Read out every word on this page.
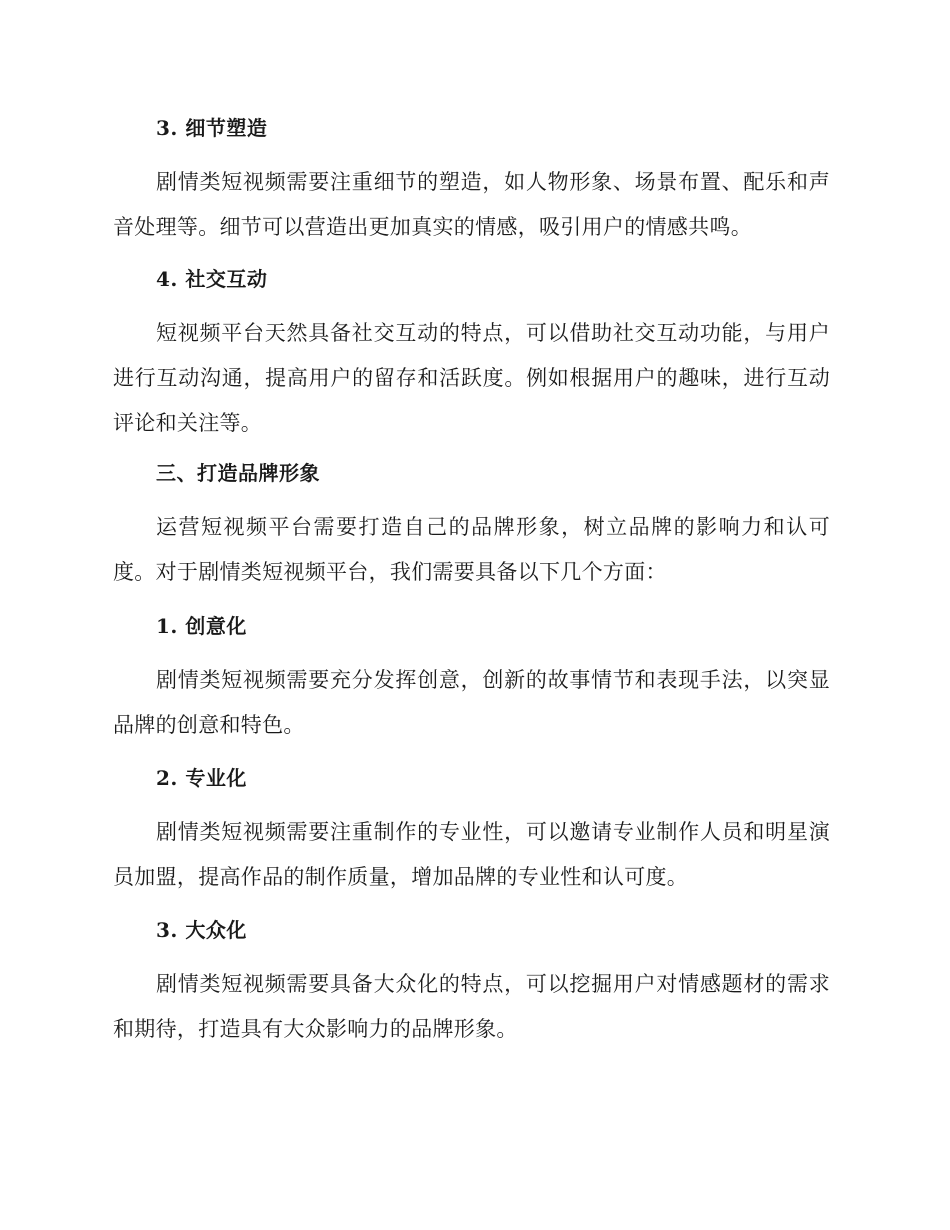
3. 细节塑造

剧情类短视频需要注重细节的塑造，如人物形象、场景布置、配乐和声音处理等。细节可以营造出更加真实的情感，吸引用户的情感共鸣。

4. 社交互动

短视频平台天然具备社交互动的特点，可以借助社交互动功能，与用户进行互动沟通，提高用户的留存和活跃度。例如根据用户的趣味，进行互动评论和关注等。

三、打造品牌形象

运营短视频平台需要打造自己的品牌形象，树立品牌的影响力和认可度。对于剧情类短视频平台，我们需要具备以下几个方面：

1. 创意化

剧情类短视频需要充分发挥创意，创新的故事情节和表现手法，以突显品牌的创意和特色。

2. 专业化

剧情类短视频需要注重制作的专业性，可以邀请专业制作人员和明星演员加盟，提高作品的制作质量，增加品牌的专业性和认可度。

3. 大众化

剧情类短视频需要具备大众化的特点，可以挖掘用户对情感题材的需求和期待，打造具有大众影响力的品牌形象。
